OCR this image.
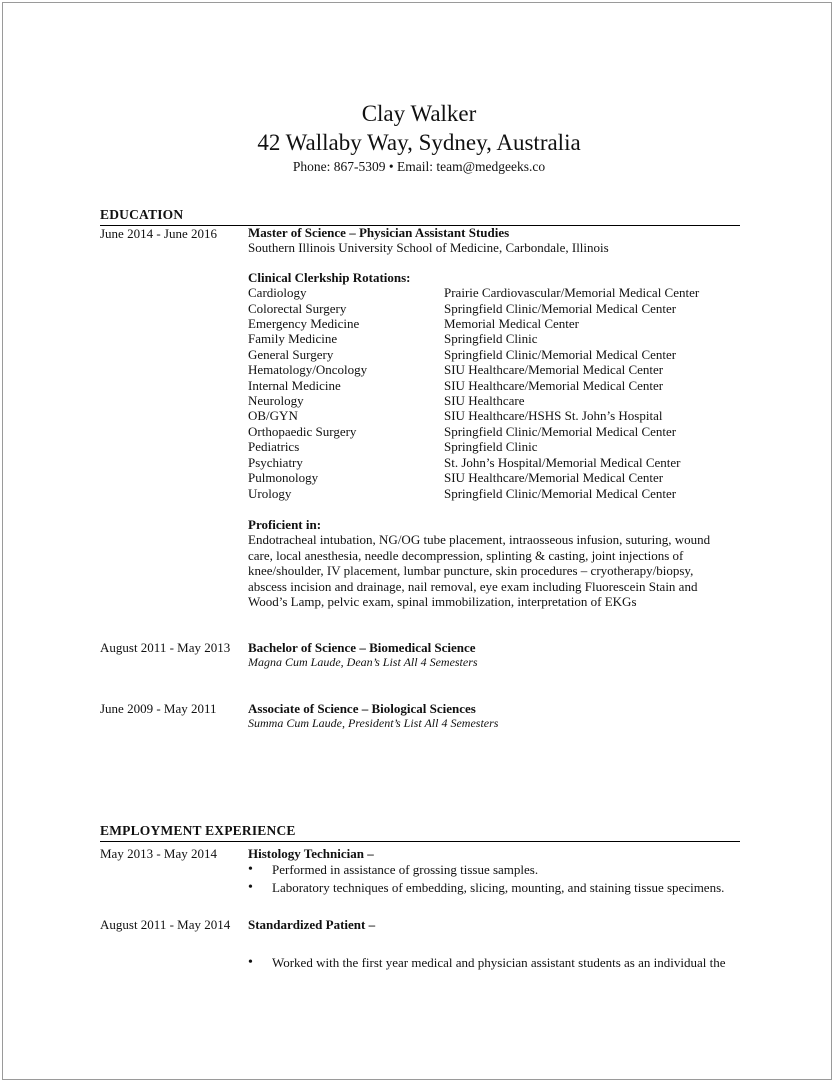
Clay Walker
42 Wallaby Way, Sydney, Australia
Phone: 867-5309 • Email: team@medgeeks.co
EDUCATION
June 2014 - June 2016 Master of Science – Physician Assistant Studies
Southern Illinois University School of Medicine, Carbondale, Illinois
Clinical Clerkship Rotations:
Cardiology	Prairie Cardiovascular/Memorial Medical Center
Colorectal Surgery	Springfield Clinic/Memorial Medical Center
Emergency Medicine	Memorial Medical Center
Family Medicine	Springfield Clinic
General Surgery	Springfield Clinic/Memorial Medical Center
Hematology/Oncology	SIU Healthcare/Memorial Medical Center
Internal Medicine	SIU Healthcare/Memorial Medical Center
Neurology	SIU Healthcare
OB/GYN	SIU Healthcare/HSHS St. John’s Hospital
Orthopaedic Surgery	Springfield Clinic/Memorial Medical Center
Pediatrics	Springfield Clinic
Psychiatry	St. John’s Hospital/Memorial Medical Center
Pulmonology	SIU Healthcare/Memorial Medical Center
Urology	Springfield Clinic/Memorial Medical Center
Proficient in:
Endotracheal intubation, NG/OG tube placement, intraosseous infusion, suturing, wound
care, local anesthesia, needle decompression, splinting & casting, joint injections of
knee/shoulder, IV placement, lumbar puncture, skin procedures – cryotherapy/biopsy,
abscess incision and drainage, nail removal, eye exam including Fluorescein Stain and
Wood’s Lamp, pelvic exam, spinal immobilization, interpretation of EKGs
August 2011 - May 2013 Bachelor of Science – Biomedical Science
Magna Cum Laude, Dean’s List All 4 Semesters
June 2009 - May 2011 Associate of Science – Biological Sciences
Summa Cum Laude, President’s List All 4 Semesters
EMPLOYMENT EXPERIENCE
May 2013 - May 2014 Histology Technician –
• Performed in assistance of grossing tissue samples.
• Laboratory techniques of embedding, slicing, mounting, and staining tissue specimens.
August 2011 - May 2014 Standardized Patient –
• Worked with the first year medical and physician assistant students as an individual the
